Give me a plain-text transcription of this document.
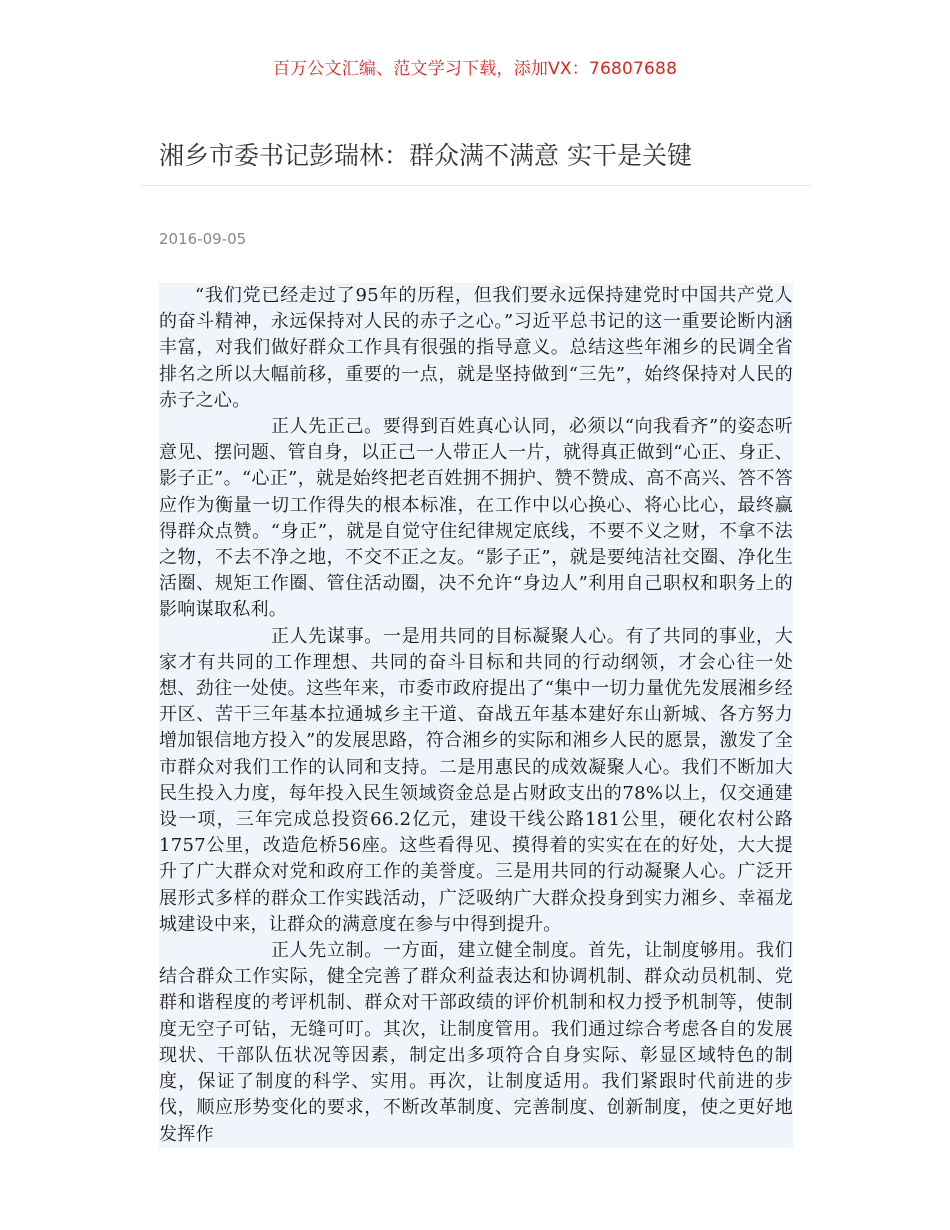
百万公文汇编、范文学习下载，添加VX：76807688
湘乡市委书记彭瑞林：群众满不满意 实干是关键
2016-09-05

“我们党已经走过了95年的历程，但我们要永远保持建党时中国共产党人的奋斗精神，永远保持对人民的赤子之心。”习近平总书记的这一重要论断内涵丰富，对我们做好群众工作具有很强的指导意义。总结这些年湘乡的民调全省排名之所以大幅前移，重要的一点，就是坚持做到“三先”，始终保持对人民的赤子之心。

正人先正己。要得到百姓真心认同，必须以“向我看齐”的姿态听意见、摆问题、管自身，以正己一人带正人一片，就得真正做到“心正、身正、影子正”。“心正”，就是始终把老百姓拥不拥护、赞不赞成、高不高兴、答不答应作为衡量一切工作得失的根本标准，在工作中以心换心、将心比心，最终赢得群众点赞。“身正”，就是自觉守住纪律规定底线，不要不义之财，不拿不法之物，不去不净之地，不交不正之友。“影子正”，就是要纯洁社交圈、净化生活圈、规矩工作圈、管住活动圈，决不允许“身边人”利用自己职权和职务上的影响谋取私利。

正人先谋事。一是用共同的目标凝聚人心。有了共同的事业，大家才有共同的工作理想、共同的奋斗目标和共同的行动纲领，才会心往一处想、劲往一处使。这些年来，市委市政府提出了“集中一切力量优先发展湘乡经开区、苦干三年基本拉通城乡主干道、奋战五年基本建好东山新城、各方努力增加银信地方投入”的发展思路，符合湘乡的实际和湘乡人民的愿景，激发了全市群众对我们工作的认同和支持。二是用惠民的成效凝聚人心。我们不断加大民生投入力度，每年投入民生领域资金总是占财政支出的78%以上，仅交通建设一项，三年完成总投资66.2亿元，建设干线公路181公里，硬化农村公路1757公里，改造危桥56座。这些看得见、摸得着的实实在在的好处，大大提升了广大群众对党和政府工作的美誉度。三是用共同的行动凝聚人心。广泛开展形式多样的群众工作实践活动，广泛吸纳广大群众投身到实力湘乡、幸福龙城建设中来，让群众的满意度在参与中得到提升。

正人先立制。一方面，建立健全制度。首先，让制度够用。我们结合群众工作实际，健全完善了群众利益表达和协调机制、群众动员机制、党群和谐程度的考评机制、群众对干部政绩的评价机制和权力授予机制等，使制度无空子可钻，无缝可叮。其次，让制度管用。我们通过综合考虑各自的发展现状、干部队伍状况等因素，制定出多项符合自身实际、彰显区域特色的制度，保证了制度的科学、实用。再次，让制度适用。我们紧跟时代前进的步伐，顺应形势变化的要求，不断改革制度、完善制度、创新制度，使之更好地发挥作
